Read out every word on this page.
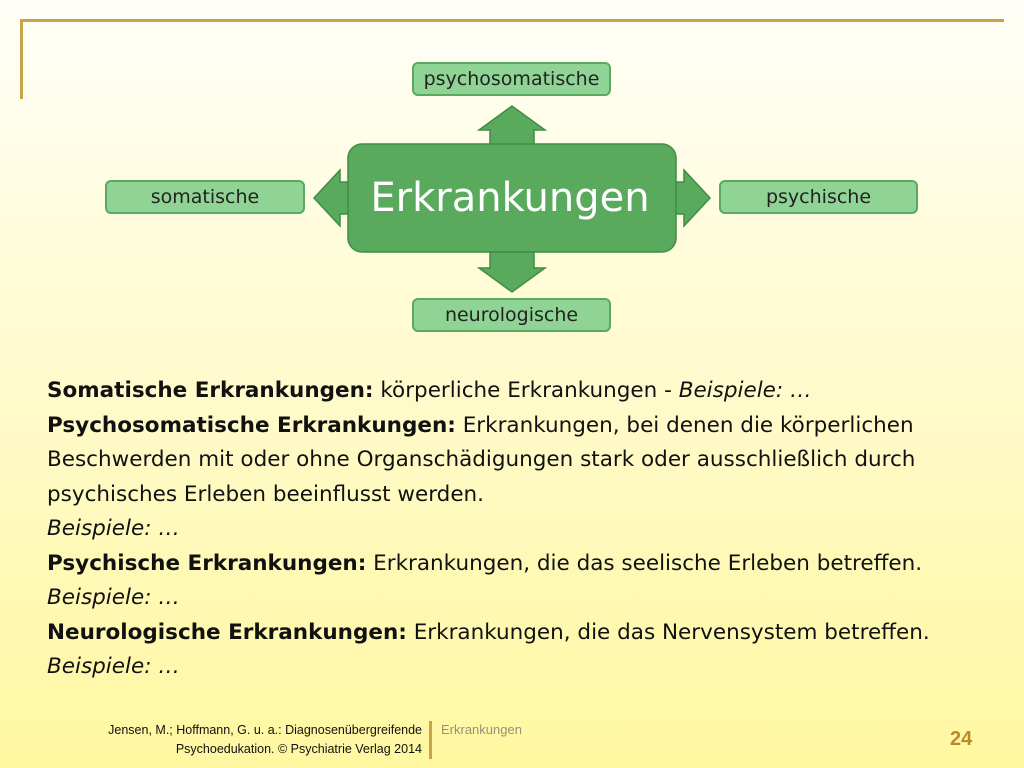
Erkrankungen
psychosomatische
somatische	psychische
neurologische
Somatische Erkrankungen: körperliche Erkrankungen - Beispiele: …
Psychosomatische Erkrankungen: Erkrankungen, bei denen die körperlichen
Beschwerden mit oder ohne Organschädigungen stark oder ausschließlich durch
psychisches Erleben beeinflusst werden.
Beispiele: …
Psychische Erkrankungen: Erkrankungen, die das seelische Erleben betreffen.
Beispiele: …
Neurologische Erkrankungen: Erkrankungen, die das Nervensystem betreffen.
Beispiele: …
Jensen, M.; Hoffmann, G. u. a.: Diagnosenübergreifende
Psychoedukation. © Psychiatrie Verlag 2014
Erkrankungen	24
